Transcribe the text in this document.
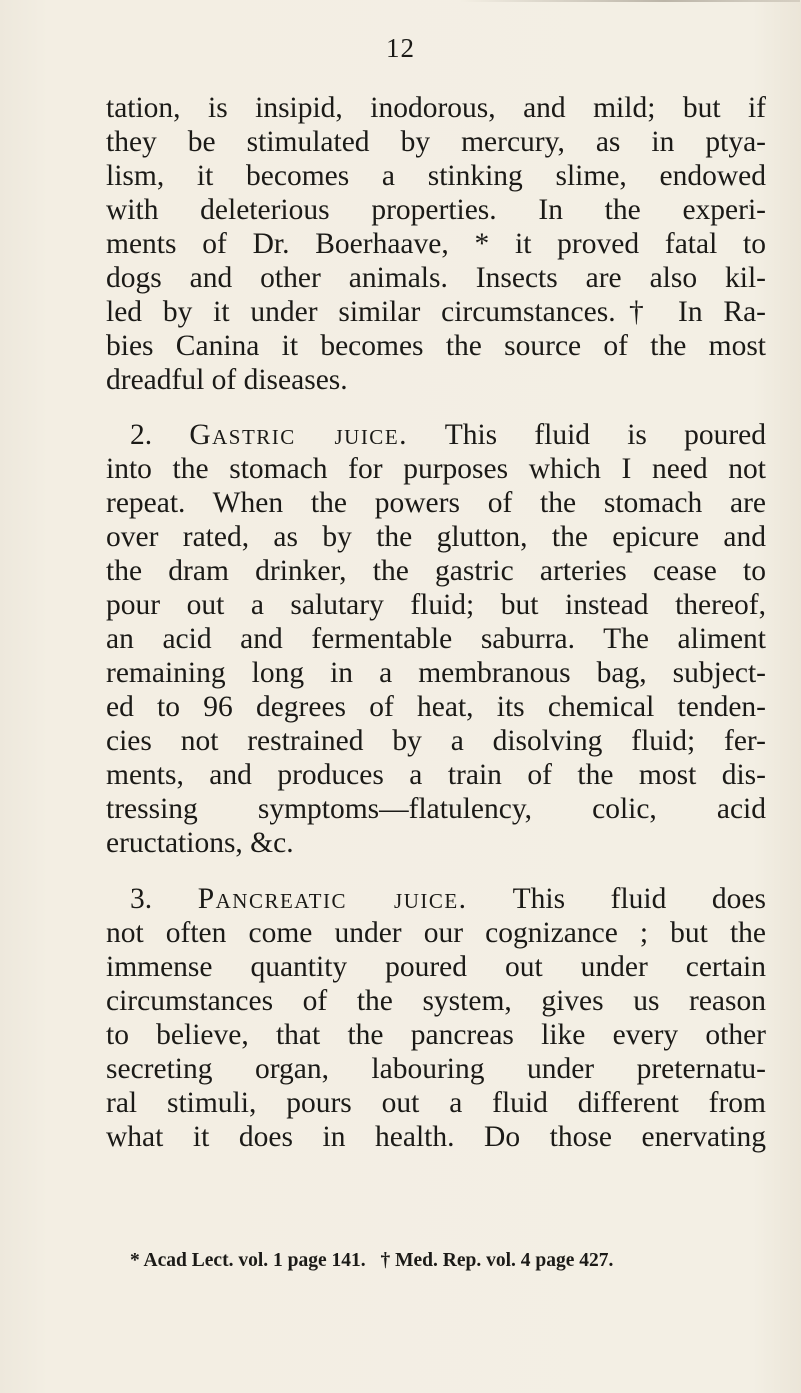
12
tation, is insipid, inodorous, and mild; but if
they be stimulated by mercury, as in ptya-
lism, it becomes a stinking slime, endowed
with deleterious properties. In the experi-
ments of Dr. Boerhaave, * it proved fatal to
dogs and other animals. Insects are also kil-
led by it under similar circumstances.† In Ra-
bies Canina it becomes the source of the most
dreadful of diseases.
2. Gastric juice. This fluid is poured
into the stomach for purposes which I need not
repeat. When the powers of the stomach are
over rated, as by the glutton, the epicure and
the dram drinker, the gastric arteries cease to
pour out a salutary fluid; but instead thereof,
an acid and fermentable saburra. The aliment
remaining long in a membranous bag, subject-
ed to 96 degrees of heat, its chemical tenden-
cies not restrained by a disolving fluid; fer-
ments, and produces a train of the most dis-
tressing symptoms—flatulency, colic, acid
eructations, &c.
3. Pancreatic juice. This fluid does
not often come under our cognizance ; but the
immense quantity poured out under certain
circumstances of the system, gives us reason
to believe, that the pancreas like every other
secreting organ, labouring under preternatu-
ral stimuli, pours out a fluid different from
what it does in health. Do those enervating
* Acad Lect. vol. 1 page 141. † Med. Rep. vol. 4 page 427.
